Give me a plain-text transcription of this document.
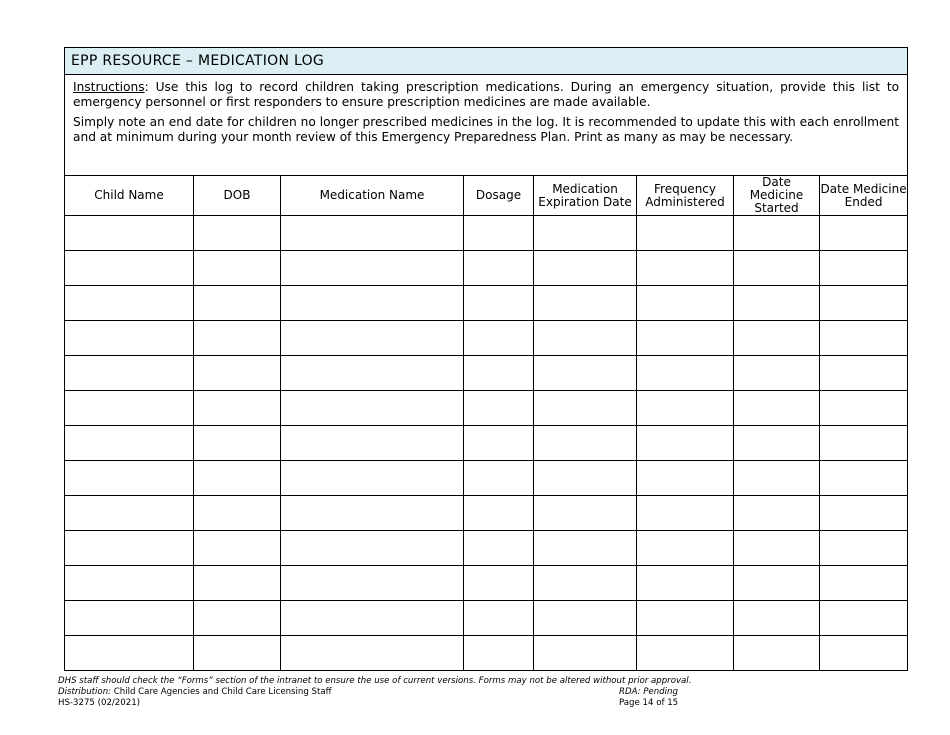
EPP RESOURCE – MEDICATION LOG							

Instructions: Use this log to record children taking prescription medications. During an emergency situation, provide this list to emergency personnel or first responders to ensure prescription medicines are made available.

Simply note an end date for children no longer prescribed medicines in the log. It is recommended to update this with each enrollment and at minimum during your month review of this Emergency Preparedness Plan. Print as many as may be necessary.							

Child Name	DOB	Medication Name	Dosage	Medication Expiration Date	Frequency Administered	Date Medicine Started	Date Medicine Ended

DHS staff should check the “Forms” section of the intranet to ensure the use of current versions. Forms may not be altered without prior approval.
Distribution: Child Care Agencies and Child Care Licensing Staff	RDA: Pending
HS-3275 (02/2021)	Page 14 of 15
